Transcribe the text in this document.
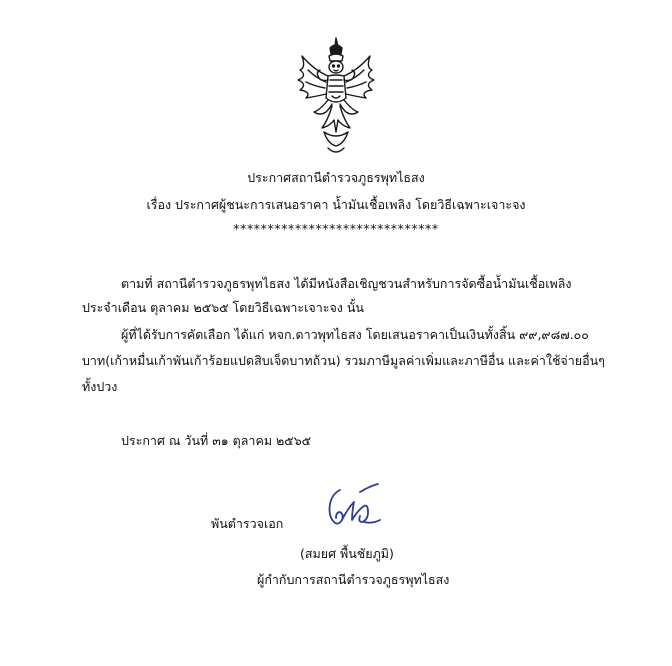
ประกาศสถานีตำรวจภูธรพุทไธสง
เรื่อง ประกาศผู้ชนะการเสนอราคา น้ำมันเชื้อเพลิง โดยวิธีเฉพาะเจาะจง
******************************
ตามที่ สถานีตำรวจภูธรพุทไธสง ได้มีหนังสือเชิญชวนสำหรับการจัดซื้อน้ำมันเชื้อเพลิง
ประจำเดือน ตุลาคม ๒๕๖๕ โดยวิธีเฉพาะเจาะจง นั้น
ผู้ที่ได้รับการคัดเลือก ได้แก่ หจก.ดาวพุทไธสง โดยเสนอราคาเป็นเงินทั้งสิ้น ๙๙,๙๘๗.๐๐
บาท(เก้าหมื่นเก้าพันเก้าร้อยแปดสิบเจ็ดบาทถ้วน) รวมภาษีมูลค่าเพิ่มและภาษีอื่น และค่าใช้จ่ายอื่นๆ
ทั้งปวง
ประกาศ ณ วันที่ ๓๑ ตุลาคม ๒๕๖๕
พันตำรวจเอก
(สมยศ พื้นชัยภูมิ)
ผู้กำกับการสถานีตำรวจภูธรพุทไธสง
